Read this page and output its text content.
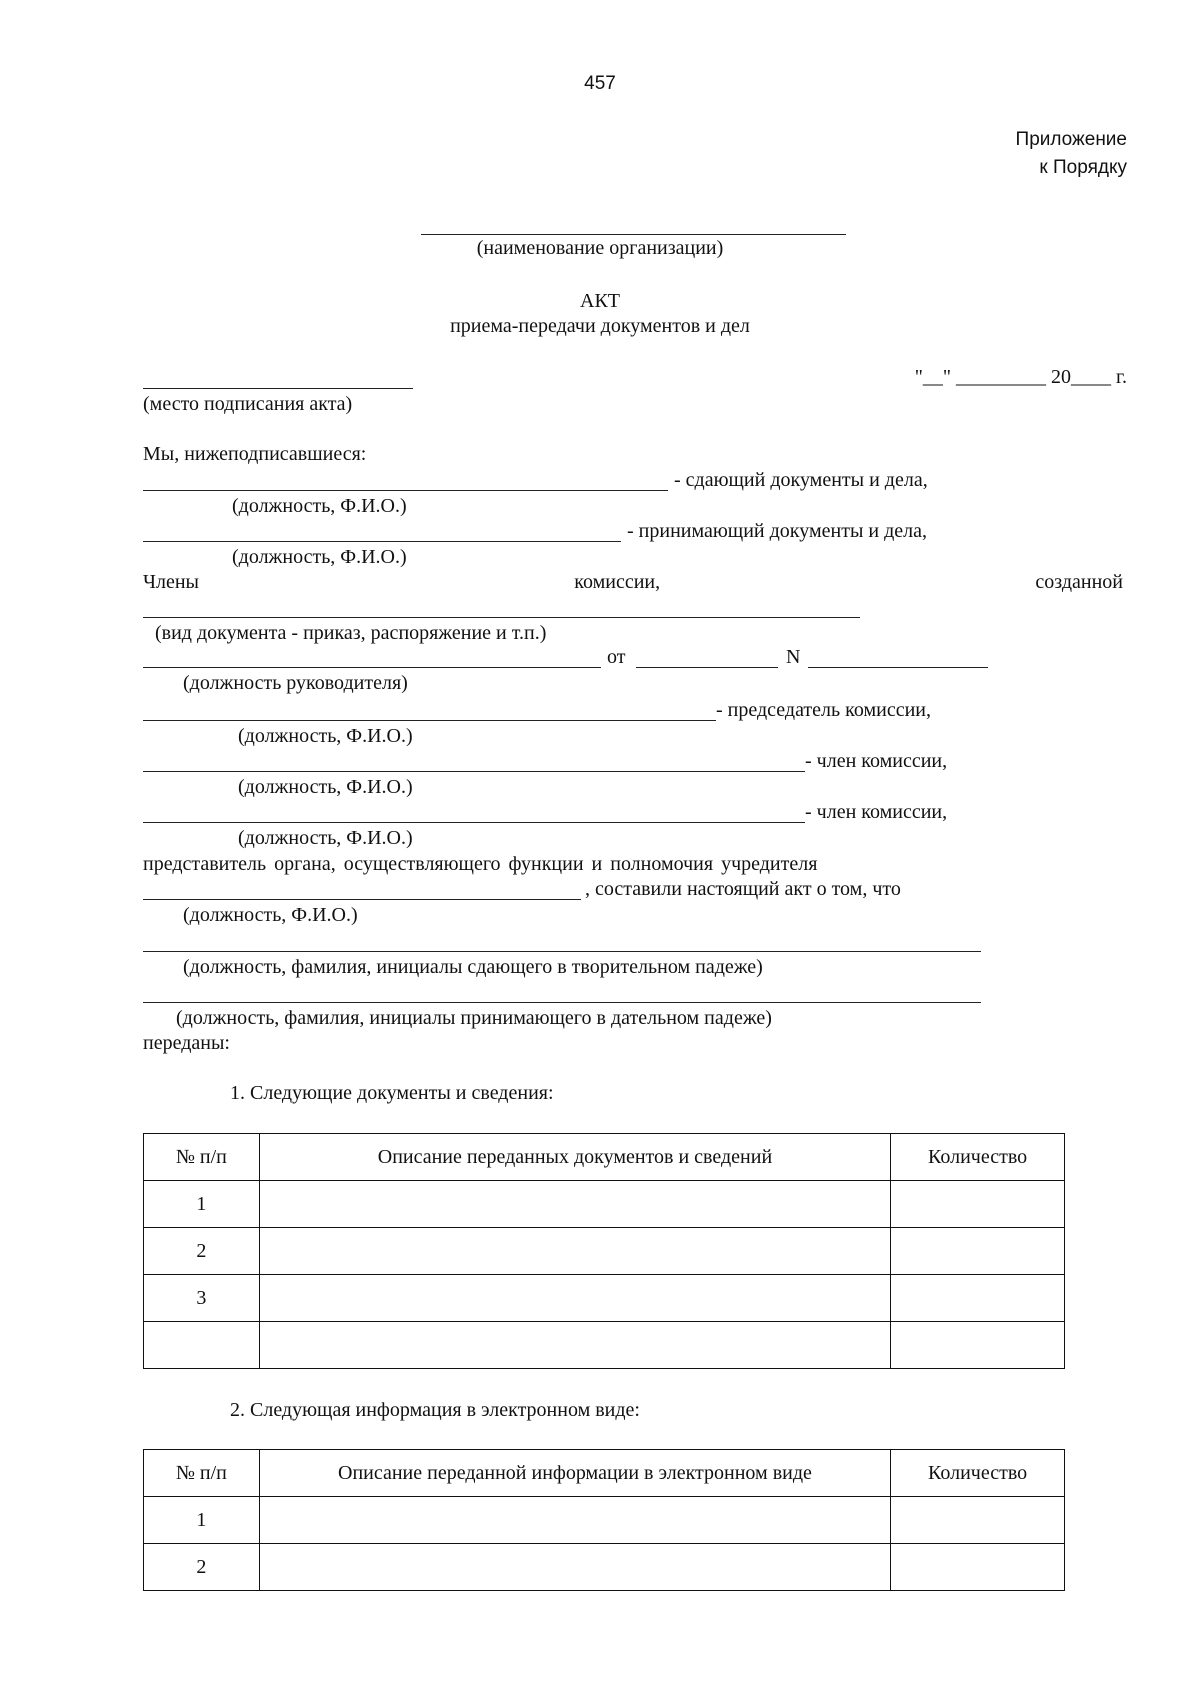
457
Приложение
к Порядку
(наименование организации)
АКТ
приема-передачи документов и дел
"__" _________ 20____ г.
(место подписания акта)
Мы, нижеподписавшиеся:
- сдающий документы и дела,
(должность, Ф.И.О.)
- принимающий документы и дела,
(должность, Ф.И.О.)
Члены	комиссии,	созданной
(вид документа - приказ, распоряжение и т.п.)
от	N
(должность руководителя)
- председатель комиссии,
(должность, Ф.И.О.)
- член комиссии,
(должность, Ф.И.О.)
- член комиссии,
(должность, Ф.И.О.)
представитель органа, осуществляющего функции и полномочия учредителя
, составили настоящий акт о том, что
(должность, Ф.И.О.)
(должность, фамилия, инициалы сдающего в творительном падеже)
(должность, фамилия, инициалы принимающего в дательном падеже)
переданы:
1. Следующие документы и сведения:
№ п/п	Описание переданных документов и сведений	Количество
1		
2		
3		

2. Следующая информация в электронном виде:
№ п/п	Описание переданной информации в электронном виде	Количество
1		
2		
